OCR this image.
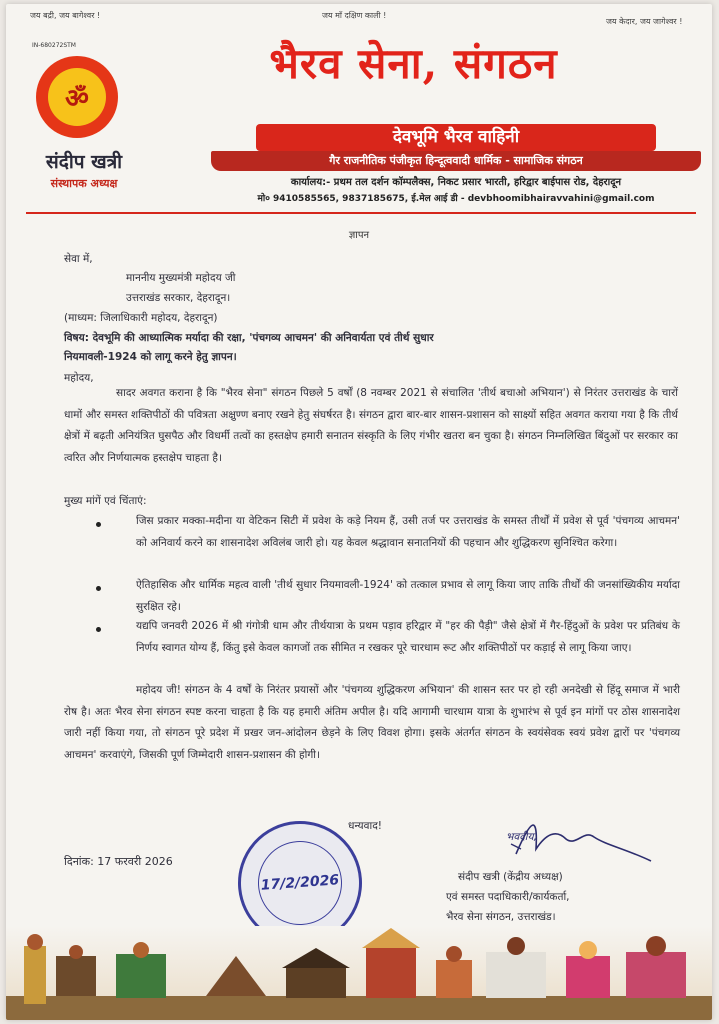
जय बद्री, जय बागेश्वर !	जय माँ दक्षिण काली !
जय केदार, जय जागेश्वर !
IN-680272STM
ॐ
संदीप खत्री
संस्थापक अध्यक्ष
भैरव सेना, संगठन
देवभूमि भैरव वाहिनी
गैर राजनीतिक पंजीकृत हिन्दूत्ववादी धार्मिक - सामाजिक संगठन
कार्यालय:- प्रथम तल दर्शन कॉम्पलैक्स, निकट प्रसार भारती, हरिद्वार बाईपास रोड, देहरादून
मो० 9410585565, 9837185675, ई.मेल आई डी - devbhoomibhairavvahini@gmail.com
ज्ञापन
सेवा में,
माननीय मुख्यमंत्री महोदय जी
उत्तराखंड सरकार, देहरादून।
(माध्यम: जिलाधिकारी महोदय, देहरादून)
विषय: देवभूमि की आध्यात्मिक मर्यादा की रक्षा, 'पंचगव्य आचमन' की अनिवार्यता एवं तीर्थ सुधार
नियमावली-1924 को लागू करने हेतु ज्ञापन।
महोदय,
सादर अवगत कराना है कि "भैरव सेना" संगठन पिछले 5 वर्षों (8 नवम्बर 2021 से संचालित 'तीर्थ बचाओ अभियान') से निरंतर उत्तराखंड के चारों धामों और समस्त शक्तिपीठों की पवित्रता अक्षुण्ण बनाए रखने हेतु संघर्षरत है। संगठन द्वारा बार-बार शासन-प्रशासन को साक्ष्यों सहित अवगत कराया गया है कि तीर्थ क्षेत्रों में बढ़ती अनियंत्रित घुसपैठ और विधर्मी तत्वों का हस्तक्षेप हमारी सनातन संस्कृति के लिए गंभीर खतरा बन चुका है। संगठन निम्नलिखित बिंदुओं पर सरकार का त्वरित और निर्णयात्मक हस्तक्षेप चाहता है।
मुख्य मांगें एवं चिंताएं:
जिस प्रकार मक्का-मदीना या वेटिकन सिटी में प्रवेश के कड़े नियम हैं, उसी तर्ज पर उत्तराखंड के समस्त तीर्थों में प्रवेश से पूर्व 'पंचगव्य आचमन' को अनिवार्य करने का शासनादेश अविलंब जारी हो। यह केवल श्रद्धावान सनातनियों की पहचान और शुद्धिकरण सुनिश्चित करेगा।
ऐतिहासिक और धार्मिक महत्व वाली 'तीर्थ सुधार नियमावली-1924' को तत्काल प्रभाव से लागू किया जाए ताकि तीर्थों की जनसांख्यिकीय मर्यादा सुरक्षित रहे।
यद्यपि जनवरी 2026 में श्री गंगोत्री धाम और तीर्थयात्रा के प्रथम पड़ाव हरिद्वार में "हर की पैड़ी" जैसे क्षेत्रों में गैर-हिंदुओं के प्रवेश पर प्रतिबंध के निर्णय स्वागत योग्य हैं, किंतु इसे केवल कागजों तक सीमित न रखकर पूरे चारधाम रूट और शक्तिपीठों पर कड़ाई से लागू किया जाए।
महोदय जी! संगठन के 4 वर्षों के निरंतर प्रयासों और 'पंचगव्य शुद्धिकरण अभियान' की शासन स्तर पर हो रही अनदेखी से हिंदू समाज में भारी रोष है। अतः भैरव सेना संगठन स्पष्ट करना चाहता है कि यह हमारी अंतिम अपील है। यदि आगामी चारधाम यात्रा के शुभारंभ से पूर्व इन मांगों पर ठोस शासनादेश जारी नहीं किया गया, तो संगठन पूरे प्रदेश में प्रखर जन-आंदोलन छेड़ने के लिए विवश होगा। इसके अंतर्गत संगठन के स्वयंसेवक स्वयं प्रवेश द्वारों पर 'पंचगव्य आचमन' करवाएंगे, जिसकी पूर्ण जिम्मेदारी शासन-प्रशासन की होगी।
धन्यवाद!
दिनांक: 17 फरवरी 2026
17/2/2026
भवदीय,
संदीप खत्री (केंद्रीय अध्यक्ष)
एवं समस्त पदाधिकारी/कार्यकर्ता,
भैरव सेना संगठन, उत्तराखंड।
